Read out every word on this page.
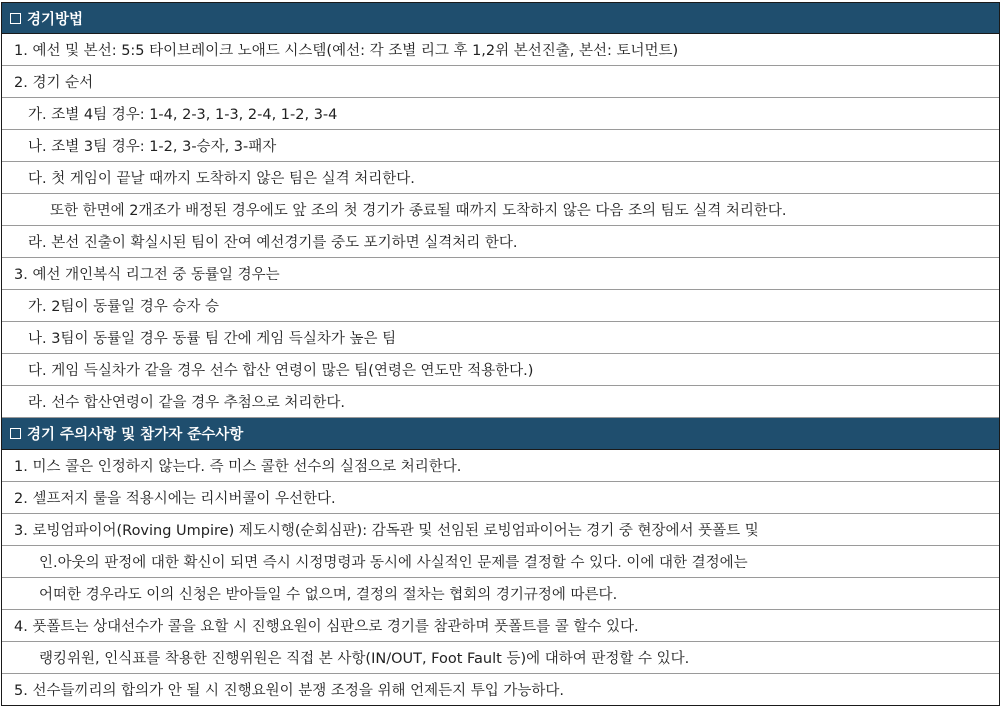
경기방법
1. 예선 및 본선: 5:5 타이브레이크 노애드 시스템(예선: 각 조별 리그 후 1,2위 본선진출, 본선: 토너먼트)
2. 경기 순서
가. 조별 4팀 경우: 1-4, 2-3, 1-3, 2-4, 1-2, 3-4
나. 조별 3팀 경우: 1-2, 3-승자, 3-패자
다. 첫 게임이 끝날 때까지 도착하지 않은 팀은 실격 처리한다.
또한 한면에 2개조가 배정된 경우에도 앞 조의 첫 경기가 종료될 때까지 도착하지 않은 다음 조의 팀도 실격 처리한다.
라. 본선 진출이 확실시된 팀이 잔여 예선경기를 중도 포기하면 실격처리 한다.
3. 예선 개인복식 리그전 중 동률일 경우는
가. 2팀이 동률일 경우 승자 승
나. 3팀이 동률일 경우 동률 팀 간에 게임 득실차가 높은 팀
다. 게임 득실차가 같을 경우 선수 합산 연령이 많은 팀(연령은 연도만 적용한다.)
라. 선수 합산연령이 같을 경우 추첨으로 처리한다.
경기 주의사항 및 참가자 준수사항
1. 미스 콜은 인정하지 않는다. 즉 미스 콜한 선수의 실점으로 처리한다.
2. 셀프저지 룰을 적용시에는 리시버콜이 우선한다.
3. 로빙엄파이어(Roving Umpire) 제도시행(순회심판): 감독관 및 선임된 로빙엄파이어는 경기 중 현장에서 풋폴트 및
인.아웃의 판정에 대한 확신이 되면 즉시 시정명령과 동시에 사실적인 문제를 결정할 수 있다. 이에 대한 결정에는
어떠한 경우라도 이의 신청은 받아들일 수 없으며, 결정의 절차는 협회의 경기규정에 따른다.
4. 풋폴트는 상대선수가 콜을 요할 시 진행요원이 심판으로 경기를 참관하며 풋폴트를 콜 할수 있다.
랭킹위원, 인식표를 착용한 진행위원은 직접 본 사항(IN/OUT, Foot Fault 등)에 대하여 판정할 수 있다.
5. 선수들끼리의 합의가 안 될 시 진행요원이 분쟁 조정을 위해 언제든지 투입 가능하다.
